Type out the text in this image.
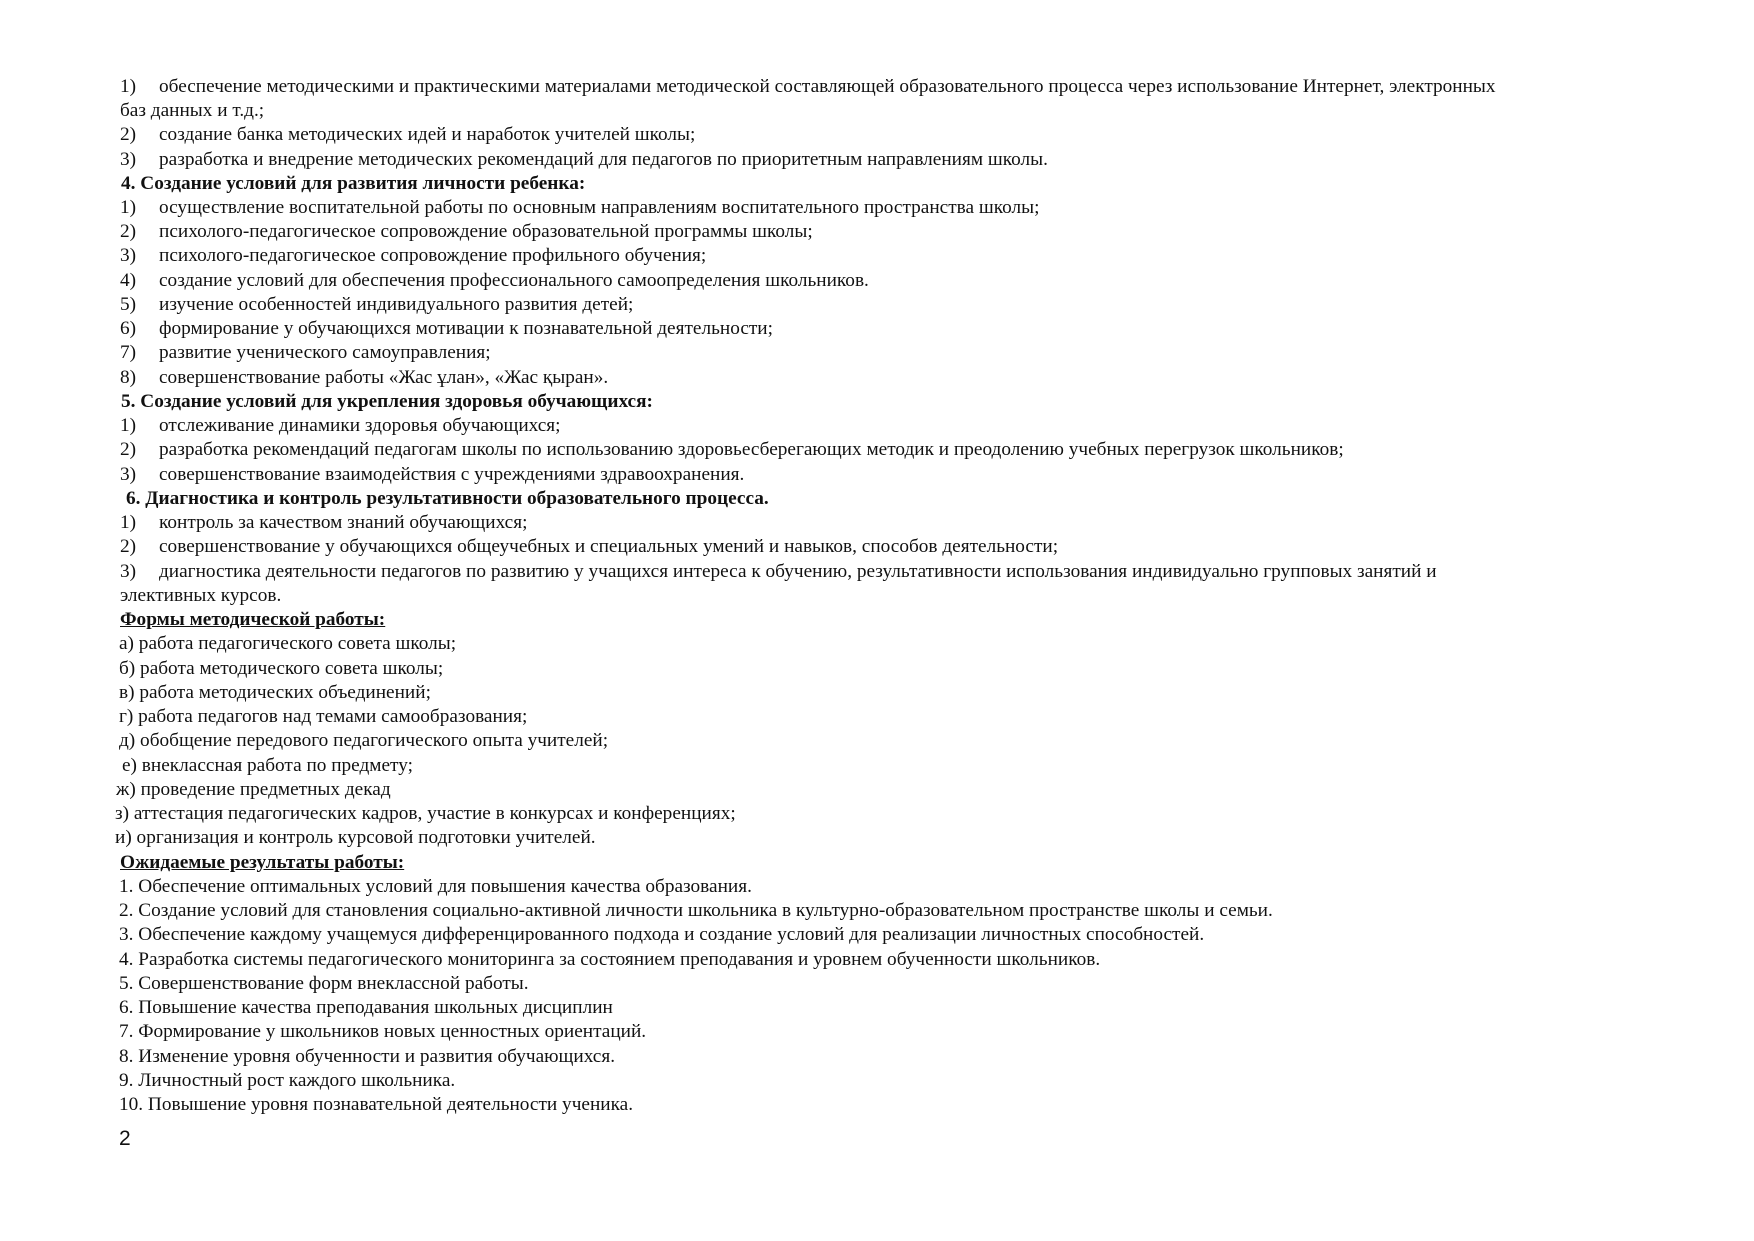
1) обеспечение методическими и практическими материалами методической составляющей образовательного процесса через использование Интернет, электронных
баз данных и т.д.;
2) создание банка методических идей и наработок учителей школы;
3) разработка и внедрение методических рекомендаций для педагогов по приоритетным направлениям школы.
4. Создание условий для развития личности ребенка:
1) осуществление воспитательной работы по основным направлениям воспитательного пространства школы;
2) психолого-педагогическое сопровождение образовательной программы школы;
3) психолого-педагогическое сопровождение профильного обучения;
4) создание условий для обеспечения профессионального самоопределения школьников.
5) изучение особенностей индивидуального развития детей;
6) формирование у обучающихся мотивации к познавательной деятельности;
7) развитие ученического самоуправления;
8) совершенствование работы «Жас ұлан», «Жас қыран».
5. Создание условий для укрепления здоровья обучающихся:
1) отслеживание динамики здоровья обучающихся;
2) разработка рекомендаций педагогам школы по использованию здоровьесберегающих методик и преодолению учебных перегрузок школьников;
3) совершенствование взаимодействия с учреждениями здравоохранения.
6. Диагностика и контроль результативности образовательного процесса.
1) контроль за качеством знаний обучающихся;
2) совершенствование у обучающихся общеучебных и специальных умений и навыков, способов деятельности;
3) диагностика деятельности педагогов по развитию у учащихся интереса к обучению, результативности использования индивидуально групповых занятий и
элективных курсов.
Формы методической работы:
а) работа педагогического совета школы;
б) работа методического совета школы;
в) работа методических объединений;
г) работа педагогов над темами самообразования;
д) обобщение передового педагогического опыта учителей;
е) внеклассная работа по предмету;
ж) проведение предметных декад
з) аттестация педагогических кадров, участие в конкурсах и конференциях;
и) организация и контроль курсовой подготовки учителей.
Ожидаемые результаты работы:
1. Обеспечение оптимальных условий для повышения качества образования.
2. Создание условий для становления социально-активной личности школьника в культурно-образовательном пространстве школы и семьи.
3. Обеспечение каждому учащемуся дифференцированного подхода и создание условий для реализации личностных способностей.
4. Разработка системы педагогического мониторинга за состоянием преподавания и уровнем обученности школьников.
5. Совершенствование форм внеклассной работы.
6. Повышение качества преподавания школьных дисциплин
7. Формирование у школьников новых ценностных ориентаций.
8. Изменение уровня обученности и развития обучающихся.
9. Личностный рост каждого школьника.
10. Повышение уровня познавательной деятельности ученика.
2
